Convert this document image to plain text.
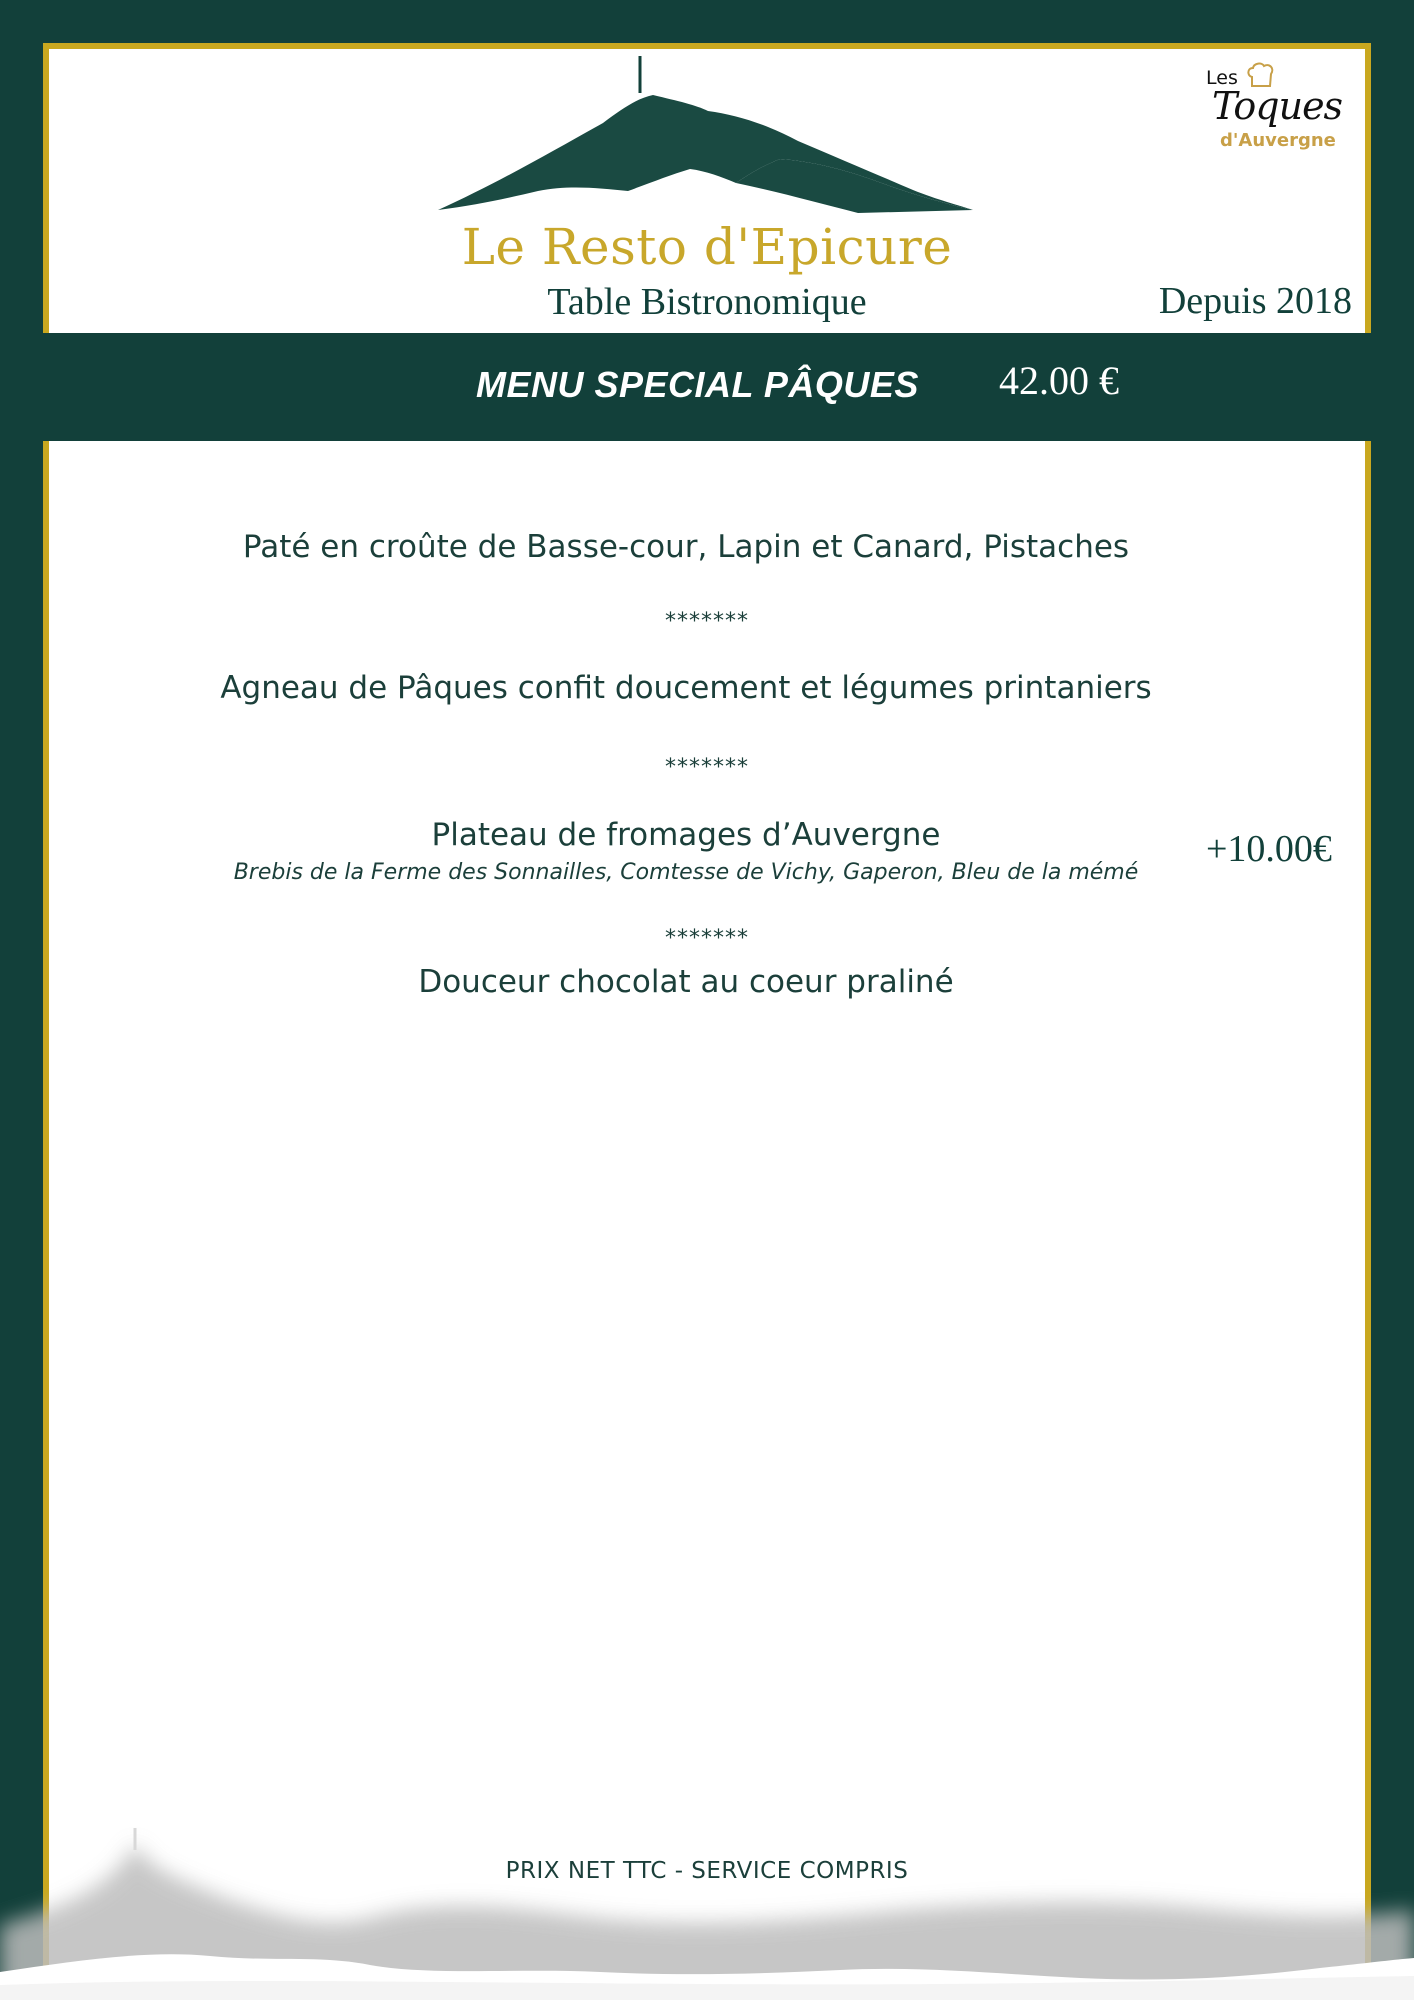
Le Resto d'Epicure
Table Bistronomique	Depuis 2018
Les
Toques
d'Auvergne
MENU SPECIAL PÂQUES 42.00 €
Paté en croûte de Basse-cour, Lapin et Canard, Pistaches
*******
Agneau de Pâques confit doucement et légumes printaniers
*******
Plateau de fromages d’Auvergne
Brebis de la Ferme des Sonnailles, Comtesse de Vichy, Gaperon, Bleu de la mémé
+10.00€
*******
Douceur chocolat au coeur praliné
PRIX NET TTC - SERVICE COMPRIS
